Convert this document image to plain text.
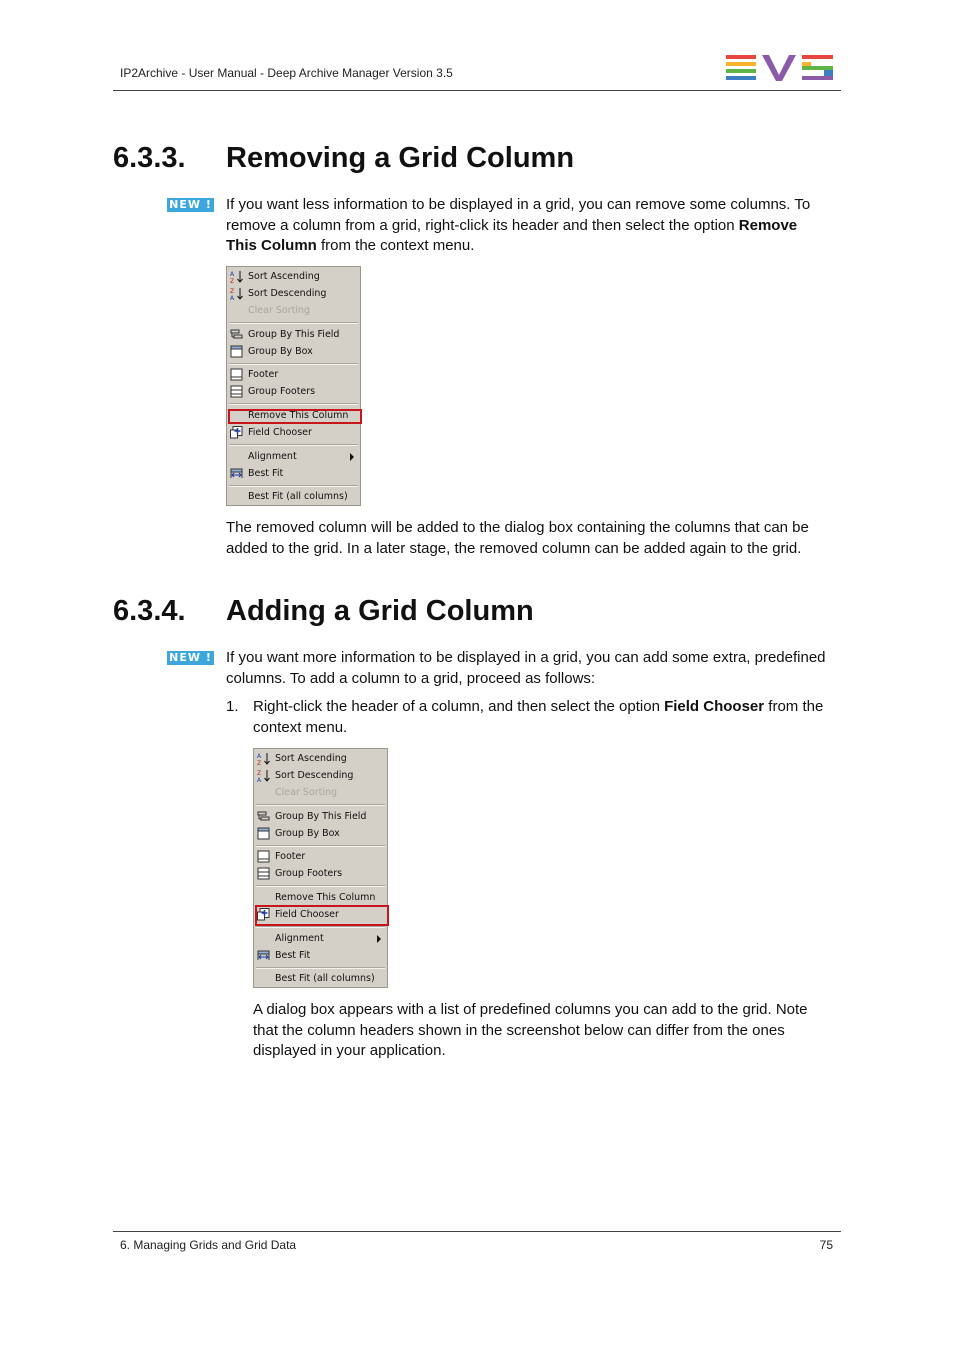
IP2Archive - User Manual - Deep Archive Manager Version 3.5
6.3.3. Removing a Grid Column
NEW ! If you want less information to be displayed in a grid, you can remove some columns. To
remove a column from a grid, right-click its header and then select the option Remove
This Column from the context menu.
A
Z Sort Ascending
Z
A Sort Descending
Clear Sorting
Group By This Field
Group By Box
Footer
Group Footers
Remove This Column
Field Chooser
Alignment
Best Fit
Best Fit (all columns)
The removed column will be added to the dialog box containing the columns that can be
added to the grid. In a later stage, the removed column can be added again to the grid.
6.3.4. Adding a Grid Column
NEW ! If you want more information to be displayed in a grid, you can add some extra, predefined
columns. To add a column to a grid, proceed as follows:
1. Right-click the header of a column, and then select the option Field Chooser from the
context menu.
A
Z Sort Ascending
Z
A Sort Descending
Clear Sorting
Group By This Field
Group By Box
Footer
Group Footers
Remove This Column
Field Chooser
Alignment
Best Fit
Best Fit (all columns)
A dialog box appears with a list of predefined columns you can add to the grid. Note
that the column headers shown in the screenshot below can differ from the ones
displayed in your application.
6. Managing Grids and Grid Data	75
